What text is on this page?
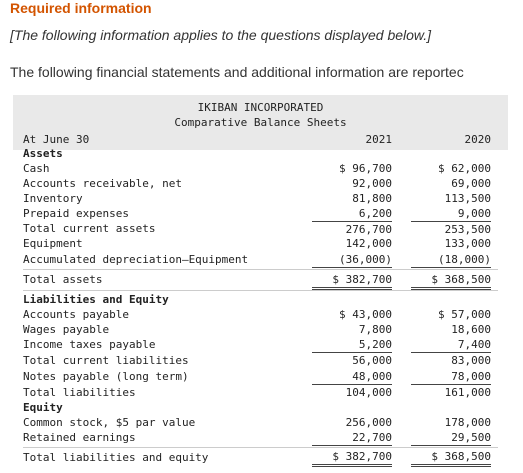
Required information
[The following information applies to the questions displayed below.]
The following financial statements and additional information are reportec
IKIBAN INCORPORATED
Comparative Balance Sheets
At June 30	2021	2020
Assets
Cash	$ 96,700	$ 62,000
Accounts receivable, net	92,000	69,000
Inventory	81,800	113,500
Prepaid expenses	6,200	9,000
Total current assets	276,700	253,500
Equipment	142,000	133,000
Accumulated depreciation—Equipment	(36,000)	(18,000)
Total assets	$ 382,700	$ 368,500
Liabilities and Equity
Accounts payable	$ 43,000	$ 57,000
Wages payable	7,800	18,600
Income taxes payable	5,200	7,400
Total current liabilities	56,000	83,000
Notes payable (long term)	48,000	78,000
Total liabilities	104,000	161,000
Equity
Common stock, $5 par value	256,000	178,000
Retained earnings	22,700	29,500
Total liabilities and equity	$ 382,700	$ 368,500
